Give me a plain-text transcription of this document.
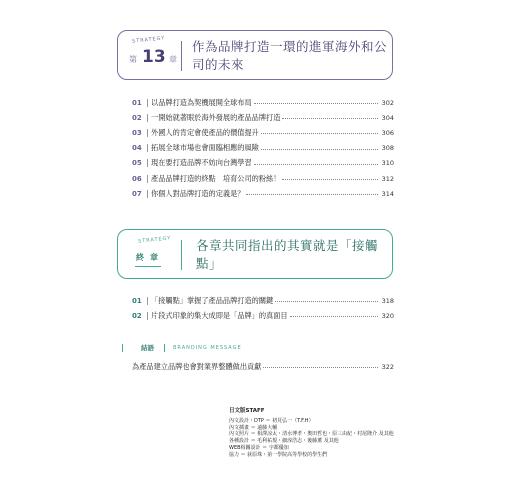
STRATEGY
第 13 章
作為品牌打造一環的進軍海外和公司的未來
01	以品牌打造為契機展開全球布局	302
02	一開始就著眼於海外發展的產品品牌打造	304
03	外國人的肯定會使產品的價值提升	306
04	拓展全球市場也會面臨相應的風險	308
05	現在要打造品牌不妨向台灣學習	310
06	產品品牌打造的終點　培育公司的粉絲！	312
07	你個人對品牌打造的定義是？	314
STRATEGY
終章
各章共同指出的其實就是「接觸點」
01	「接觸點」掌握了產品品牌打造的關鍵	318
02	片段式印象的集大成即是「品牌」的真面目	320
結語	BRANDING MESSAGE
為產品建立品牌也會對業界整體做出貢獻	322
日文版STAFF
內文設計・DTP ＝ 初見弘一（T.F.H）
內文插畫 ＝ 遠藤大輔
內文照片 ＝ 相澤涼太・清水博孝・奧田哲也・原三由紀・村尾隆介 及其他
各種設計 ＝ 毛利祐規・細淳浩志・後藤薫 及其他
WEB相關設計 ＝ 宇都優加
協力 ＝ 荻原珠・第一學院高等學校的學生們
